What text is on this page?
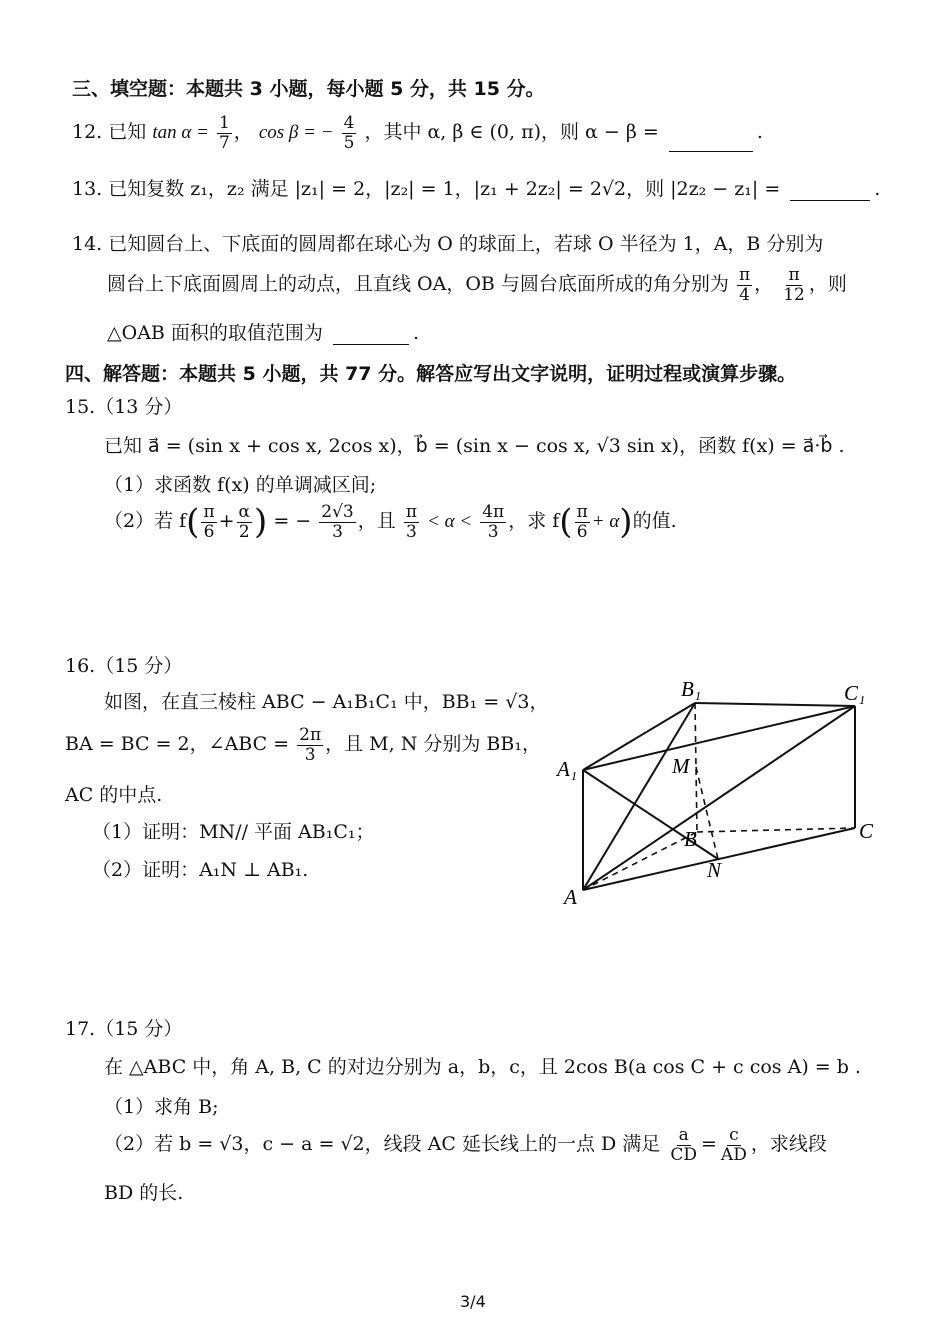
三、填空题：本题共 3 小题，每小题 5 分，共 15 分。
12. 已知 $\tan \alpha = \frac{1}{7}$ ， cos β = − $\frac{4}{5}$ ，其中 α, β ∈ (0, π)，则 α − β =	.
13. 已知复数 z₁，z₂ 满足 |z₁| = 2，|z₂| = 1，|z₁ + 2z₂| = 2√2，则 |2z₂ − z₁| =	.
14. 已知圆台上、下底面的圆周都在球心为 O 的球面上，若球 O 半径为 1，A，B 分别为
圆台上下底面圆周上的动点，且直线 OA，OB 与圆台底面所成的角分别为 $\frac{\pi}{4}$ ， $\frac{\pi}{12}$ ，则
△OAB 面积的取值范围为	.
四、解答题：本题共 5 小题，共 77 分。解答应写出文字说明，证明过程或演算步骤。
15.（13 分）
已知 a⃗ = (sin x + cos x, 2cos x)，b⃗ = (sin x − cos x, √3 sin x)，函数 f(x) = a⃗·b⃗ .
（1）求函数 f(x) 的单调减区间;
（2）若 $f( \frac{\pi}{6} + \frac{\alpha}{2}$ ) = − $\frac{2√3}{3}$ ，且 $\frac{\pi}{3} < \alpha < \frac{4\pi}{3}$ ，求 $f( \frac{\pi}{6} + \alpha)$的值.
16.（15 分）
如图，在直三棱柱 ABC − A₁B₁C₁ 中，BB₁ = √3，
BA = BC = 2，∠ABC = $\frac{2\pi}{3}$ ，且 M, N 分别为 BB₁，
AC 的中点.
（1）证明：MN// 平面 AB₁C₁；
（2）证明：A₁N ⊥ AB₁.
B₁	C₁
A₁	M
B	C
N
A
17.（15 分）
在 △ABC 中，角 A, B, C 的对边分别为 a，b，c，且 2cos B(a cos C + c cos A) = b .
（1）求角 B;
（2）若 b = √3，c − a = √2，线段 AC 延长线上的一点 D 满足 $\frac{a}{CD} = \frac{c}{AD}$ ，求线段
BD 的长.
3/4
